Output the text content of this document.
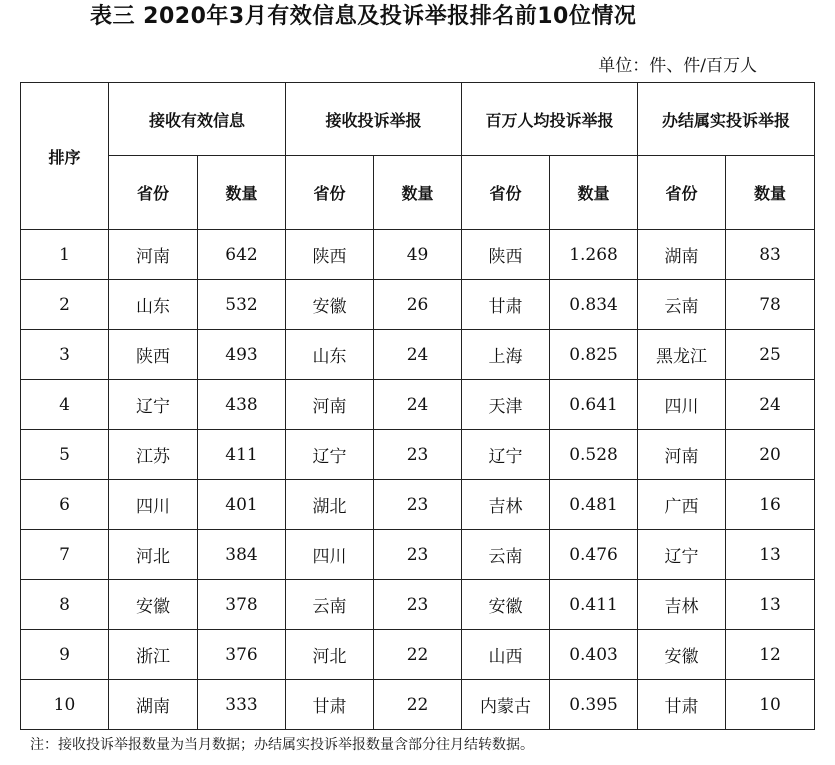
表三 2020年3月有效信息及投诉举报排名前10位情况
单位：件、件/百万人
排序	接收有效信息		接收投诉举报		百万人均投诉举报		办结属实投诉举报	
	省份	数量	省份	数量	省份	数量	省份	数量
1	河南	642	陕西	49	陕西	1.268	湖南	83
2	山东	532	安徽	26	甘肃	0.834	云南	78
3	陕西	493	山东	24	上海	0.825	黑龙江	25
4	辽宁	438	河南	24	天津	0.641	四川	24
5	江苏	411	辽宁	23	辽宁	0.528	河南	20
6	四川	401	湖北	23	吉林	0.481	广西	16
7	河北	384	四川	23	云南	0.476	辽宁	13
8	安徽	378	云南	23	安徽	0.411	吉林	13
9	浙江	376	河北	22	山西	0.403	安徽	12
10	湖南	333	甘肃	22	内蒙古	0.395	甘肃	10
注：接收投诉举报数量为当月数据；办结属实投诉举报数量含部分往月结转数据。
